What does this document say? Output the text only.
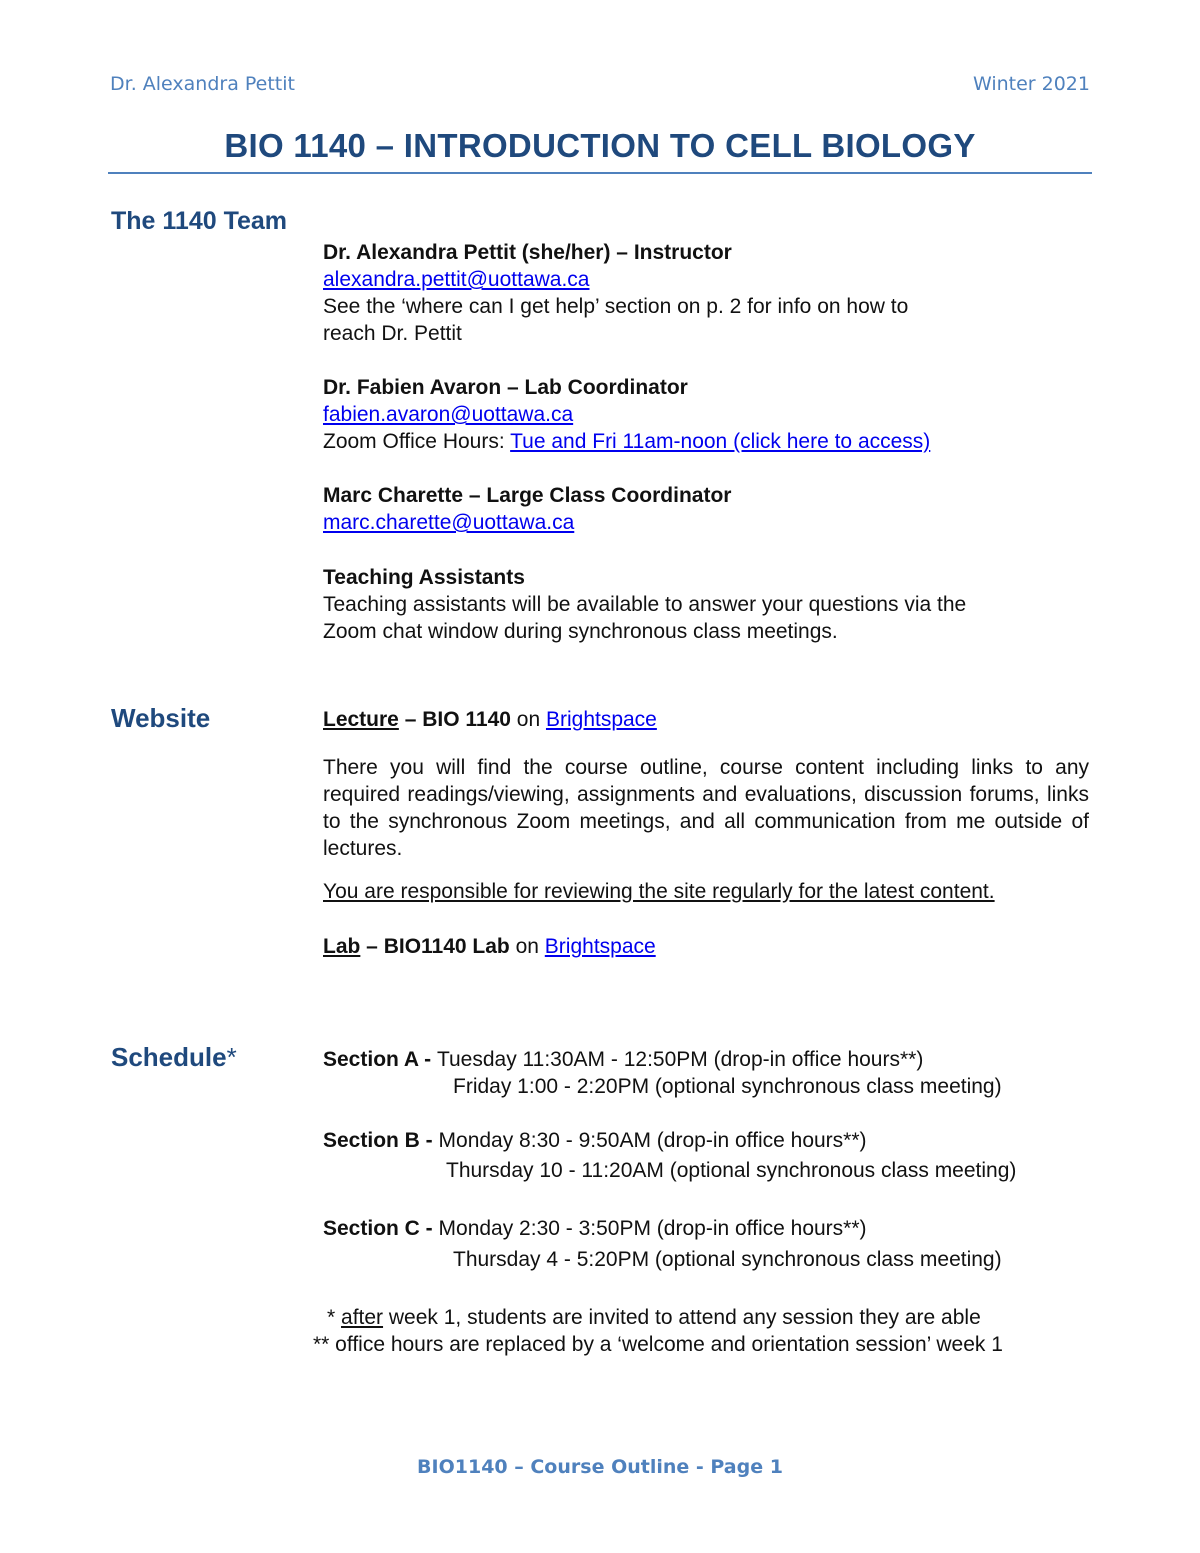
Dr. Alexandra Pettit	Winter 2021
BIO 1140 – INTRODUCTION TO CELL BIOLOGY
The 1140 Team
Dr. Alexandra Pettit (she/her) – Instructor
alexandra.pettit@uottawa.ca
See the ‘where can I get help’ section on p. 2 for info on how to
reach Dr. Pettit
Dr. Fabien Avaron – Lab Coordinator
fabien.avaron@uottawa.ca
Zoom Office Hours: Tue and Fri 11am-noon (click here to access)
Marc Charette – Large Class Coordinator
marc.charette@uottawa.ca
Teaching Assistants
Teaching assistants will be available to answer your questions via the
Zoom chat window during synchronous class meetings.
Website	Lecture – BIO 1140 on Brightspace
There you will find the course outline, course content including links to any required readings/viewing, assignments and evaluations, discussion forums, links to the synchronous Zoom meetings, and all communication from me outside of lectures.
You are responsible for reviewing the site regularly for the latest content.
Lab – BIO1140 Lab on Brightspace
Schedule*	Section A - Tuesday 11:30AM - 12:50PM (drop-in office hours**)
Friday 1:00 - 2:20PM (optional synchronous class meeting)
Section B - Monday 8:30 - 9:50AM (drop-in office hours**)
Thursday 10 - 11:20AM (optional synchronous class meeting)
Section C - Monday 2:30 - 3:50PM (drop-in office hours**)
Thursday 4 - 5:20PM (optional synchronous class meeting)
* after week 1, students are invited to attend any session they are able
** office hours are replaced by a ‘welcome and orientation session’ week 1
BIO1140 – Course Outline - Page 1
